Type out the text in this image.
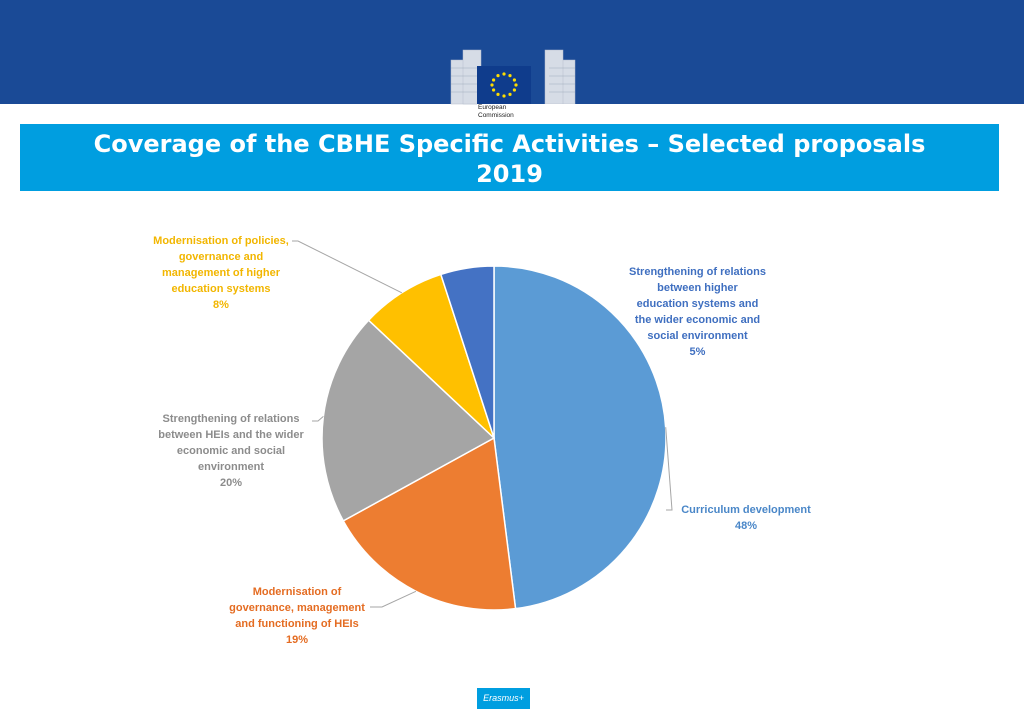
European
Commission
Coverage of the CBHE Specific Activities – Selected proposals
2019
Strengthening of relations
between higher
education systems and
the wider economic and
social environment
5%
Modernisation of policies,
governance and
management of higher
education systems
8%
Strengthening of relations
between HEIs and the wider
economic and social
environment
20%
Modernisation of
governance, management
and functioning of HEIs
19%
Curriculum development
48%
Erasmus+
